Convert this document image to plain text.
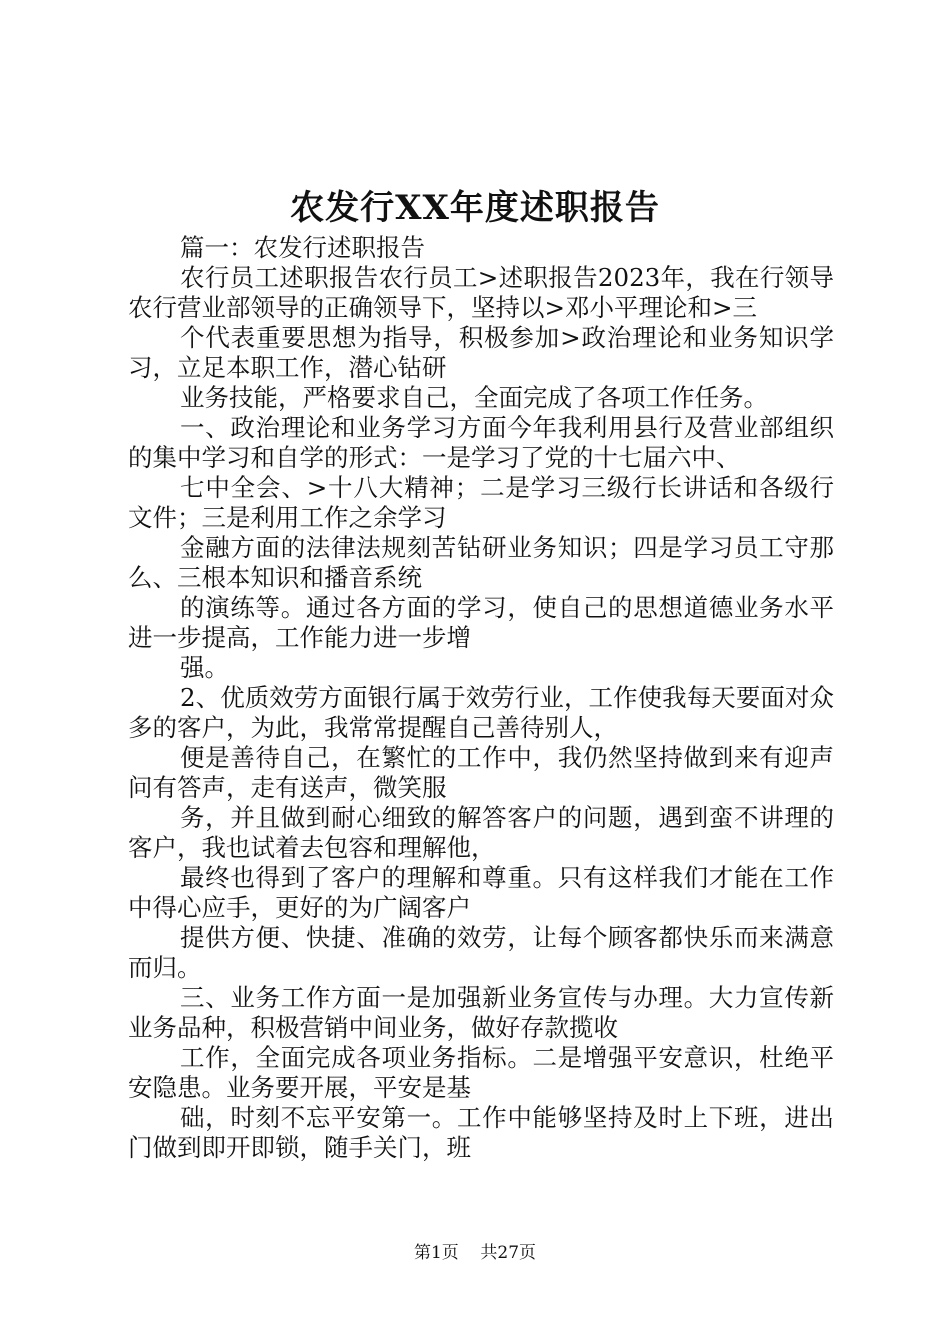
农发行XX年度述职报告

篇一：农发行述职报告

农行员工述职报告农行员工>述职报告2023年，我在行领导农行营业部领导的正确领导下，坚持以>邓小平理论和>三

个代表重要思想为指导，积极参加>政治理论和业务知识学习，立足本职工作，潜心钻研

业务技能，严格要求自己，全面完成了各项工作任务。

一、政治理论和业务学习方面今年我利用县行及营业部组织的集中学习和自学的形式：一是学习了党的十七届六中、

七中全会、>十八大精神；二是学习三级行长讲话和各级行文件；三是利用工作之余学习

金融方面的法律法规刻苦钻研业务知识；四是学习员工守那么、三根本知识和播音系统

的演练等。通过各方面的学习，使自己的思想道德业务水平进一步提高，工作能力进一步增

强。

2、优质效劳方面银行属于效劳行业，工作使我每天要面对众多的客户，为此，我常常提醒自己善待别人，

便是善待自己，在繁忙的工作中，我仍然坚持做到来有迎声问有答声，走有送声，微笑服

务，并且做到耐心细致的解答客户的问题，遇到蛮不讲理的客户，我也试着去包容和理解他，

最终也得到了客户的理解和尊重。只有这样我们才能在工作中得心应手，更好的为广阔客户

提供方便、快捷、准确的效劳，让每个顾客都快乐而来满意而归。

三、业务工作方面一是加强新业务宣传与办理。大力宣传新业务品种，积极营销中间业务，做好存款揽收

工作，全面完成各项业务指标。二是增强平安意识，杜绝平安隐患。业务要开展，平安是基

础，时刻不忘平安第一。工作中能够坚持及时上下班，进出门做到即开即锁，随手关门，班

第1页 共27页
